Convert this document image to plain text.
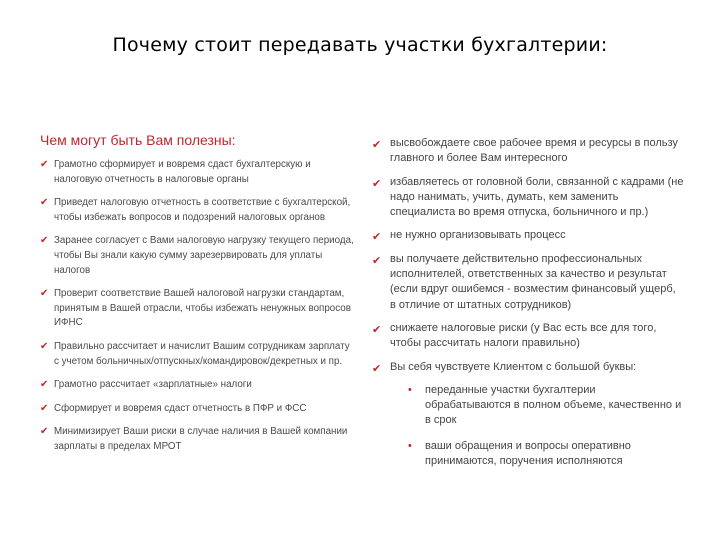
Почему стоит передавать участки бухгалтерии:
Чем могут быть Вам полезны:
✔ Грамотно сформирует и вовремя сдаст бухгалтерскую и налоговую отчетность в налоговые органы
✔ Приведет налоговую отчетность в соответствие с бухгалтерской, чтобы избежать вопросов и подозрений налоговых органов
✔ Заранее согласует с Вами налоговую нагрузку текущего периода, чтобы Вы знали какую сумму зарезервировать для уплаты налогов
✔ Проверит соответствие Вашей налоговой нагрузки стандартам, принятым в Вашей отрасли, чтобы избежать ненужных вопросов ИФНС
✔ Правильно рассчитает и начислит Вашим сотрудникам зарплату с учетом больничных/отпускных/командировок/декретных и пр.
✔ Грамотно рассчитает «зарплатные» налоги
✔ Сформирует и вовремя сдаст отчетность в ПФР и ФСС
✔ Минимизирует Ваши риски в случае наличия в Вашей компании зарплаты в пределах МРОТ
✔ высвобождаете свое рабочее время и ресурсы в пользу главного и более Вам интересного
✔ избавляетесь от головной боли, связанной с кадрами (не надо нанимать, учить, думать, кем заменить специалиста во время отпуска, больничного и пр.)
✔ не нужно организовывать процесс
✔ вы получаете действительно профессиональных исполнителей, ответственных за качество и результат (если вдруг ошибемся - возместим финансовый ущерб, в отличие от штатных сотрудников)
✔ снижаете налоговые риски (у Вас есть все для того, чтобы рассчитать налоги правильно)
✔ Вы себя чувствуете Клиентом с большой буквы:
• переданные участки бухгалтерии обрабатываются в полном объеме, качественно и в срок
• ваши обращения и вопросы оперативно принимаются, поручения исполняются
